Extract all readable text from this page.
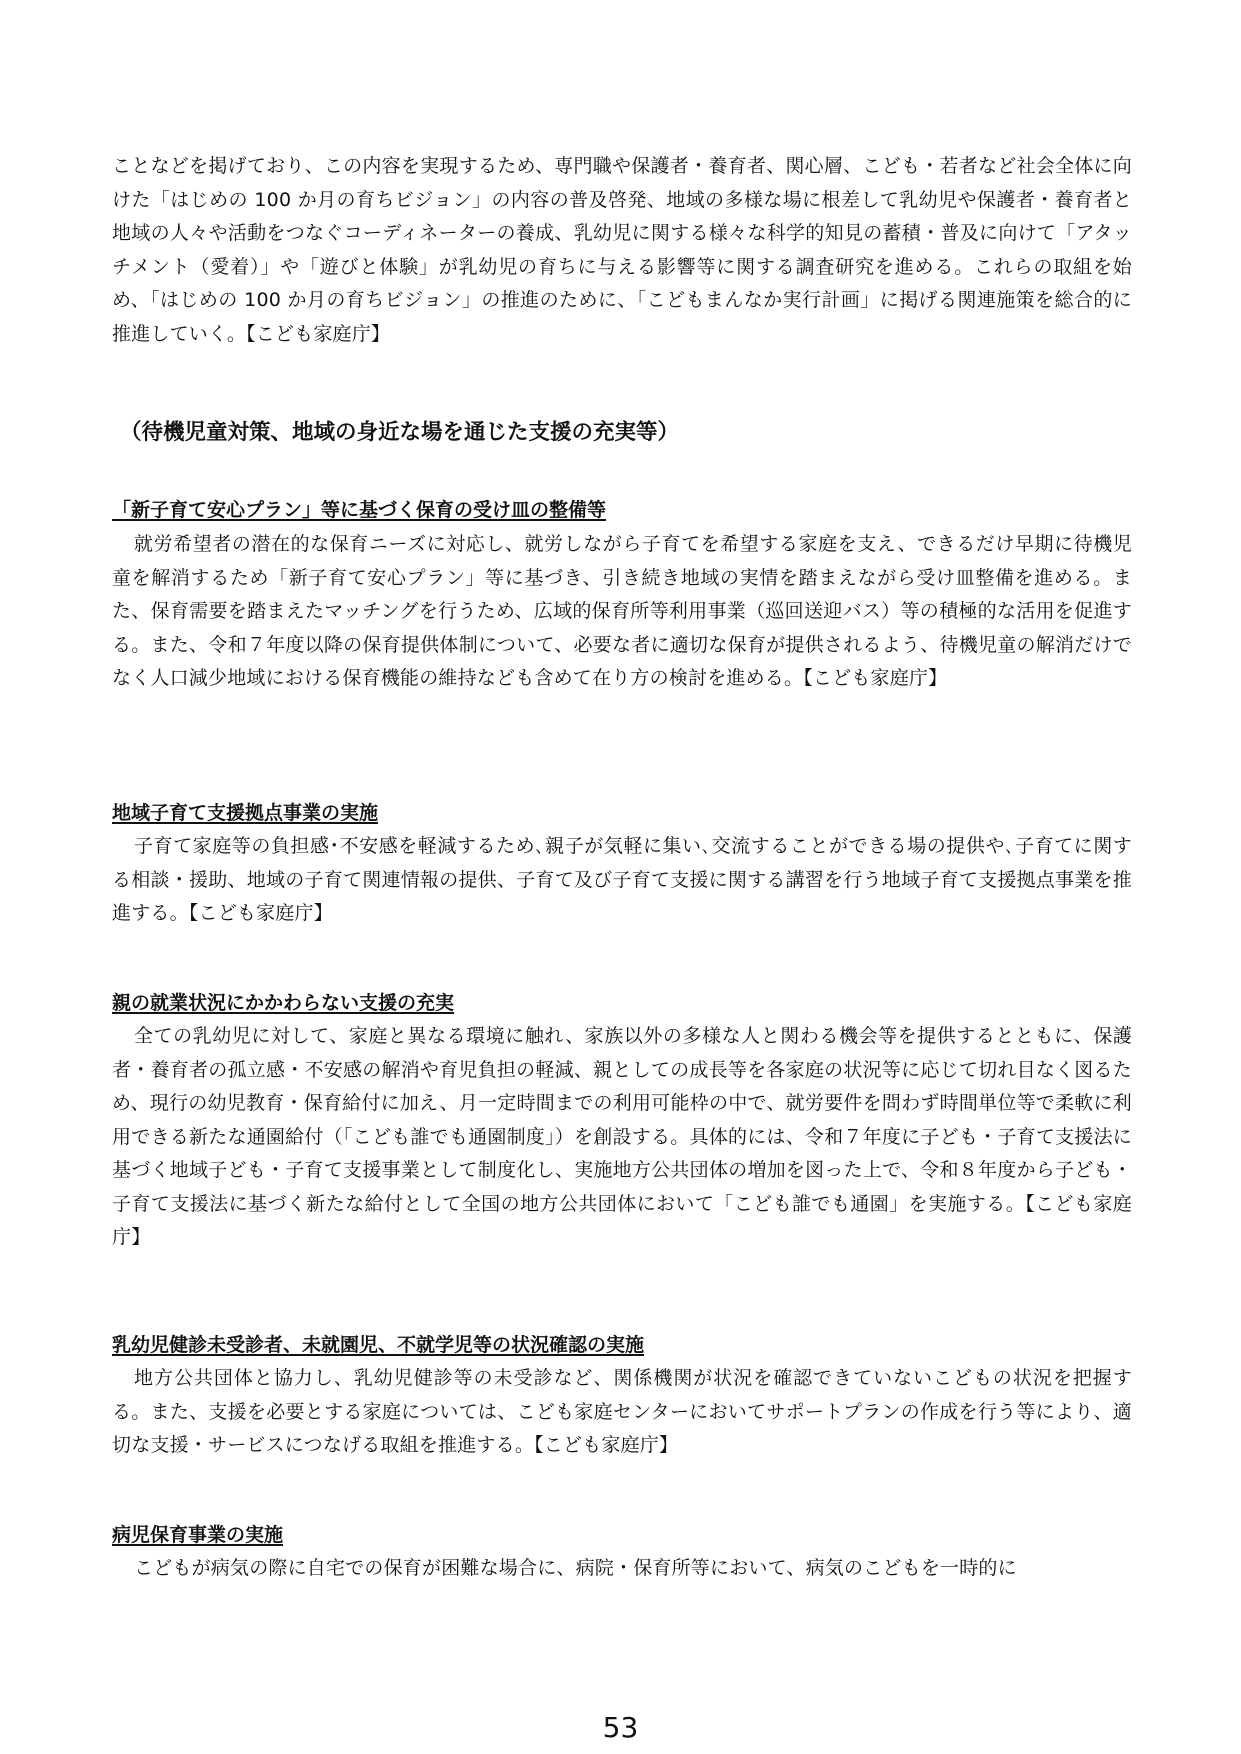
ことなどを掲げており、この内容を実現するため、専門職や保護者・養育者、関心層、こども・若者など社会全体に向けた「はじめの 100 か月の育ちビジョン」の内容の普及啓発、地域の多様な場に根差して乳幼児や保護者・養育者と地域の人々や活動をつなぐコーディネーターの養成、乳幼児に関する様々な科学的知見の蓄積・普及に向けて「アタッチメント（愛着）」や「遊びと体験」が乳幼児の育ちに与える影響等に関する調査研究を進める。これらの取組を始め、「はじめの 100 か月の育ちビジョン」の推進のために、「こどもまんなか実行計画」に掲げる関連施策を総合的に推進していく。【こども家庭庁】

（待機児童対策、地域の身近な場を通じた支援の充実等）
「新子育て安心プラン」等に基づく保育の受け皿の整備等

就労希望者の潜在的な保育ニーズに対応し、就労しながら子育てを希望する家庭を支え、できるだけ早期に待機児童を解消するため「新子育て安心プラン」等に基づき、引き続き地域の実情を踏まえながら受け皿整備を進める。また、保育需要を踏まえたマッチングを行うため、広域的保育所等利用事業（巡回送迎バス）等の積極的な活用を促進する。また、令和７年度以降の保育提供体制について、必要な者に適切な保育が提供されるよう、待機児童の解消だけでなく人口減少地域における保育機能の維持なども含めて在り方の検討を進める。【こども家庭庁】

地域子育て支援拠点事業の実施

子育て家庭等の負担感･不安感を軽減するため､親子が気軽に集い､交流することができる場の提供や､子育てに関する相談・援助、地域の子育て関連情報の提供、子育て及び子育て支援に関する講習を行う地域子育て支援拠点事業を推進する。【こども家庭庁】

親の就業状況にかかわらない支援の充実

全ての乳幼児に対して、家庭と異なる環境に触れ、家族以外の多様な人と関わる機会等を提供するとともに、保護者・養育者の孤立感・不安感の解消や育児負担の軽減、親としての成長等を各家庭の状況等に応じて切れ目なく図るため、現行の幼児教育・保育給付に加え、月一定時間までの利用可能枠の中で、就労要件を問わず時間単位等で柔軟に利用できる新たな通園給付（「こども誰でも通園制度」）を創設する。具体的には、令和７年度に子ども・子育て支援法に基づく地域子ども・子育て支援事業として制度化し、実施地方公共団体の増加を図った上で、令和８年度から子ども・子育て支援法に基づく新たな給付として全国の地方公共団体において「こども誰でも通園」を実施する。【こども家庭庁】

乳幼児健診未受診者、未就園児、不就学児等の状況確認の実施

地方公共団体と協力し、乳幼児健診等の未受診など、関係機関が状況を確認できていないこどもの状況を把握する。また、支援を必要とする家庭については、こども家庭センターにおいてサポートプランの作成を行う等により、適切な支援・サービスにつなげる取組を推進する。【こども家庭庁】

病児保育事業の実施

こどもが病気の際に自宅での保育が困難な場合に、病院・保育所等において、病気のこどもを一時的に

53
